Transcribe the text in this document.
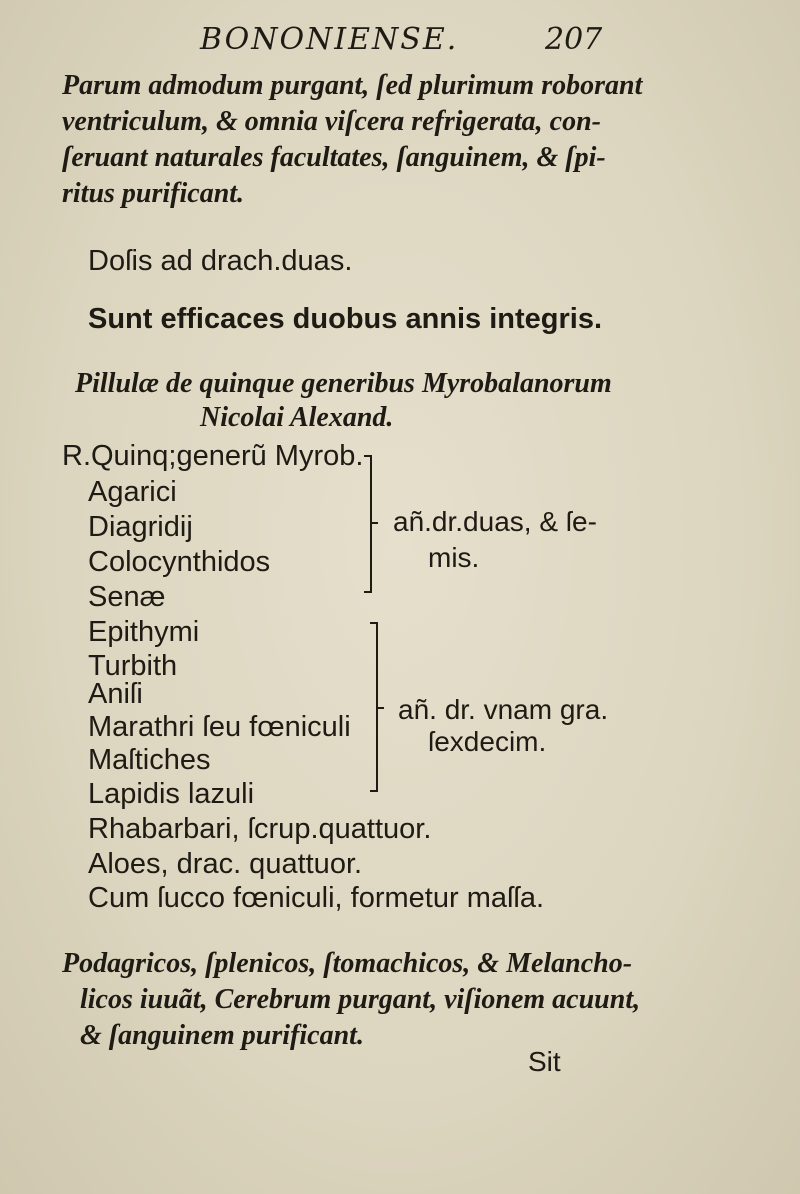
BONONIENSE.	207
Parum admodum purgant, ſed plurimum roborant
ventriculum, & omnia viſcera refrigerata, con-
ſeruant naturales facultates, ſanguinem, & ſpi-
ritus purificant.
Doſis ad drach.duas.
Sunt efficaces duobus annis integris.
Pillulæ de quinque generibus Myrobalanorum
Nicolai Alexand.
R.Quinq;generũ Myrob.
Agarici
Diagridij
Colocynthidos
Senæ
añ.dr.duas, & ſe-
mis.
Epithymi
Turbith
Aniſi
Marathri ſeu fœniculi
Maſtiches
Lapidis lazuli
añ. dr. vnam gra.
ſexdecim.
Rhabarbari, ſcrup.quattuor.
Aloes, drac. quattuor.
Cum ſucco fœniculi, formetur maſſa.
Podagricos, ſplenicos, ſtomachicos, & Melancho-
licos iuuãt, Cerebrum purgant, viſionem acuunt,
& ſanguinem purificant.
Sit
